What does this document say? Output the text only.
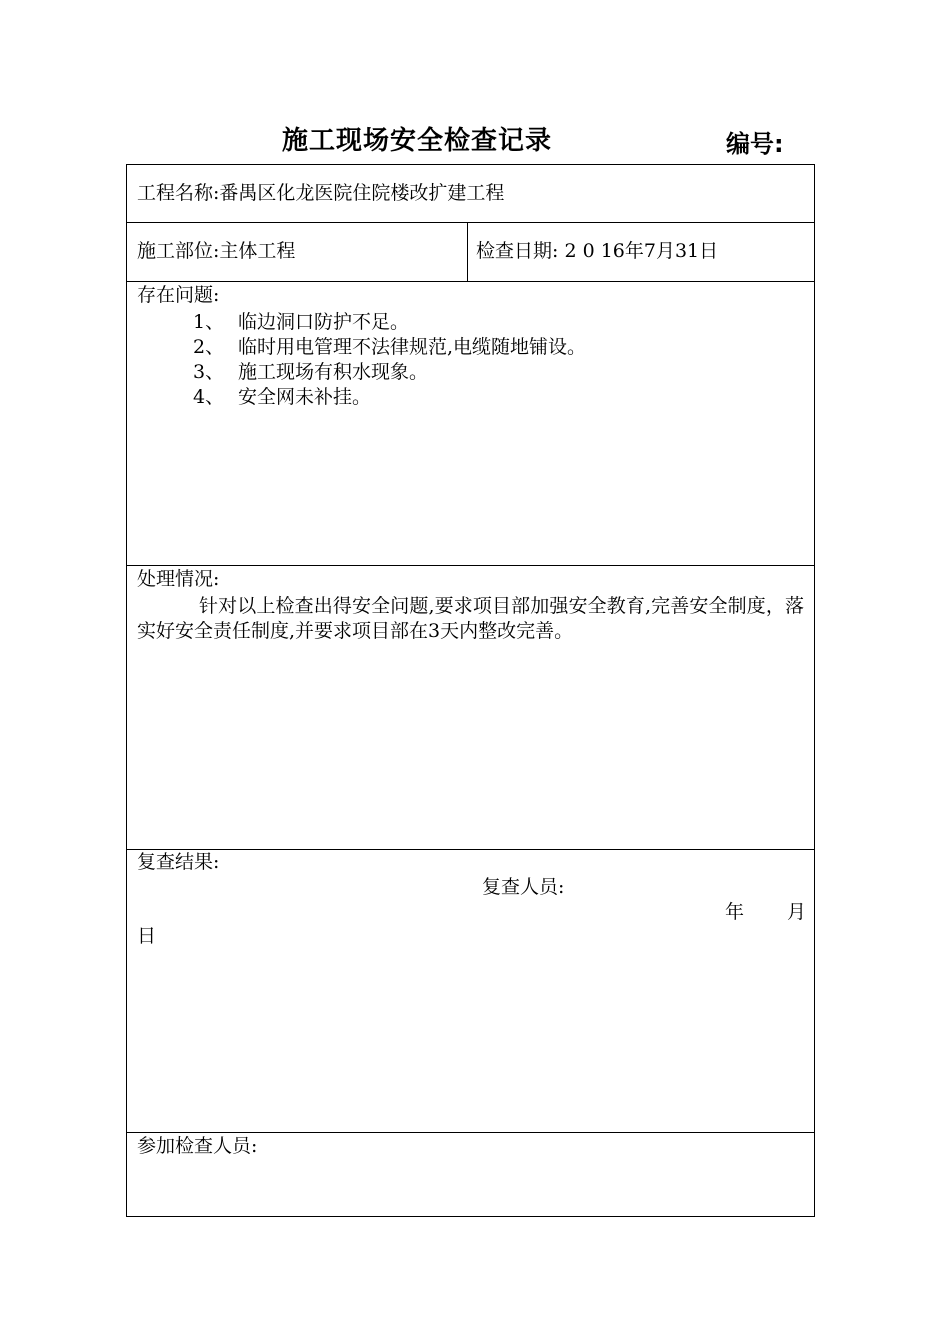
施工现场安全检查记录	编号:
工程名称:番禺区化龙医院住院楼改扩建工程
施工部位:主体工程	检查日期: 2 0 16年7月31日
存在问题:
1、 临边洞口防护不足。
2、 临时用电管理不法律规范,电缆随地铺设。
3、 施工现场有积水现象。
4、 安全网未补挂。
处理情况:
针对以上检查出得安全问题,要求项目部加强安全教育,完善安全制度，落实好安全责任制度,并要求项目部在3天内整改完善。
复查结果:
复查人员:
年 月
日
参加检查人员:
